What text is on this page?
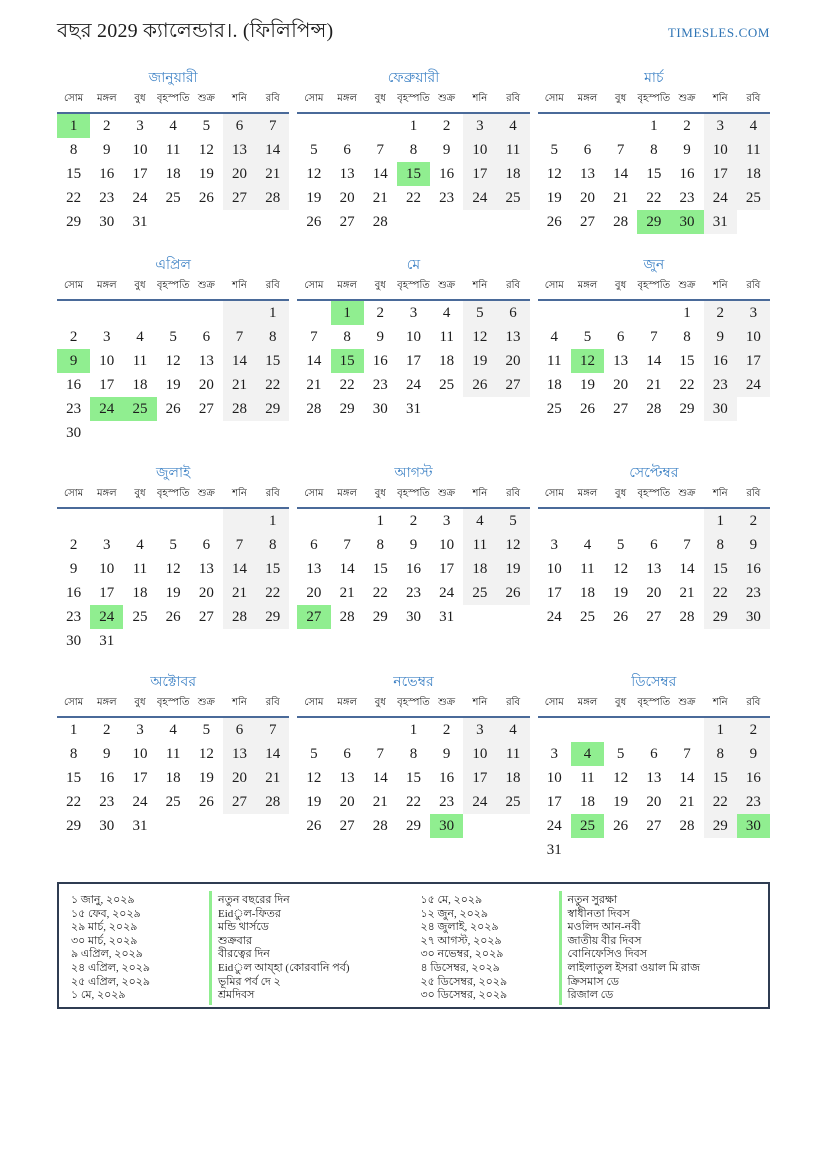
বছর 2029 ক্যালেন্ডার।. (ফিলিপিন্স)	TIMESLES.COM
জানুয়ারী
সোম	মঙ্গল	বুধ	বৃহস্পতি	শুক্র	শনি	রবি
1	2	3	4	5	6	7
8	9	10	11	12	13	14
15	16	17	18	19	20	21
22	23	24	25	26	27	28
29	30	31				
ফেব্রুয়ারী
সোম	মঙ্গল	বুধ	বৃহস্পতি	শুক্র	শনি	রবি
			1	2	3	4
5	6	7	8	9	10	11
12	13	14	15	16	17	18
19	20	21	22	23	24	25
26	27	28				
মার্চ
সোম	মঙ্গল	বুধ	বৃহস্পতি	শুক্র	শনি	রবি
			1	2	3	4
5	6	7	8	9	10	11
12	13	14	15	16	17	18
19	20	21	22	23	24	25
26	27	28	29	30	31	
এপ্রিল
সোম	মঙ্গল	বুধ	বৃহস্পতি	শুক্র	শনি	রবি
						1
2	3	4	5	6	7	8
9	10	11	12	13	14	15
16	17	18	19	20	21	22
23	24	25	26	27	28	29
30						
মে
সোম	মঙ্গল	বুধ	বৃহস্পতি	শুক্র	শনি	রবি
	1	2	3	4	5	6
7	8	9	10	11	12	13
14	15	16	17	18	19	20
21	22	23	24	25	26	27
28	29	30	31			
জুন
সোম	মঙ্গল	বুধ	বৃহস্পতি	শুক্র	শনি	রবি
				1	2	3
4	5	6	7	8	9	10
11	12	13	14	15	16	17
18	19	20	21	22	23	24
25	26	27	28	29	30	
জুলাই
সোম	মঙ্গল	বুধ	বৃহস্পতি	শুক্র	শনি	রবি
						1
2	3	4	5	6	7	8
9	10	11	12	13	14	15
16	17	18	19	20	21	22
23	24	25	26	27	28	29
30	31					
আগস্ট
সোম	মঙ্গল	বুধ	বৃহস্পতি	শুক্র	শনি	রবি
		1	2	3	4	5
6	7	8	9	10	11	12
13	14	15	16	17	18	19
20	21	22	23	24	25	26
27	28	29	30	31		
সেপ্টেম্বর
সোম	মঙ্গল	বুধ	বৃহস্পতি	শুক্র	শনি	রবি
					1	2
3	4	5	6	7	8	9
10	11	12	13	14	15	16
17	18	19	20	21	22	23
24	25	26	27	28	29	30
অক্টোবর
সোম	মঙ্গল	বুধ	বৃহস্পতি	শুক্র	শনি	রবি
1	2	3	4	5	6	7
8	9	10	11	12	13	14
15	16	17	18	19	20	21
22	23	24	25	26	27	28
29	30	31				
নভেম্বর
সোম	মঙ্গল	বুধ	বৃহস্পতি	শুক্র	শনি	রবি
			1	2	3	4
5	6	7	8	9	10	11
12	13	14	15	16	17	18
19	20	21	22	23	24	25
26	27	28	29	30		
ডিসেম্বর
সোম	মঙ্গল	বুধ	বৃহস্পতি	শুক্র	শনি	রবি
					1	2
3	4	5	6	7	8	9
10	11	12	13	14	15	16
17	18	19	20	21	22	23
24	25	26	27	28	29	30
31						
১ জানু, ২০২৯	নতুন বছরের দিন
১৫ ফেব, ২০২৯	Eidুল-ফিতর
২৯ মার্চ, ২০২৯	মন্ডি থার্সডে
৩০ মার্চ, ২০২৯	শুক্রবার
৯ এপ্রিল, ২০২৯	বীরত্বের দিন
২৪ এপ্রিল, ২০২৯	Eidুল আয্হা (কোরবানি পর্ব)
২৫ এপ্রিল, ২০২৯	ভূমির পর্ব দে ২
১ মে, ২০২৯	শ্রমদিবস
১৫ মে, ২০২৯	নতুন সুরক্ষা
১২ জুন, ২০২৯	স্বাধীনতা দিবস
২৪ জুলাই, ২০২৯	মওলিদ আন-নবী
২৭ আগস্ট, ২০২৯	জাতীয় বীর দিবস
৩০ নভেম্বর, ২০২৯	বোনিফেসিও দিবস
৪ ডিসেম্বর, ২০২৯	লাইলাতুল ইসরা ওয়াল মি রাজ
২৫ ডিসেম্বর, ২০২৯	ক্রিসমাস ডে
৩০ ডিসেম্বর, ২০২৯	রিজাল ডে
